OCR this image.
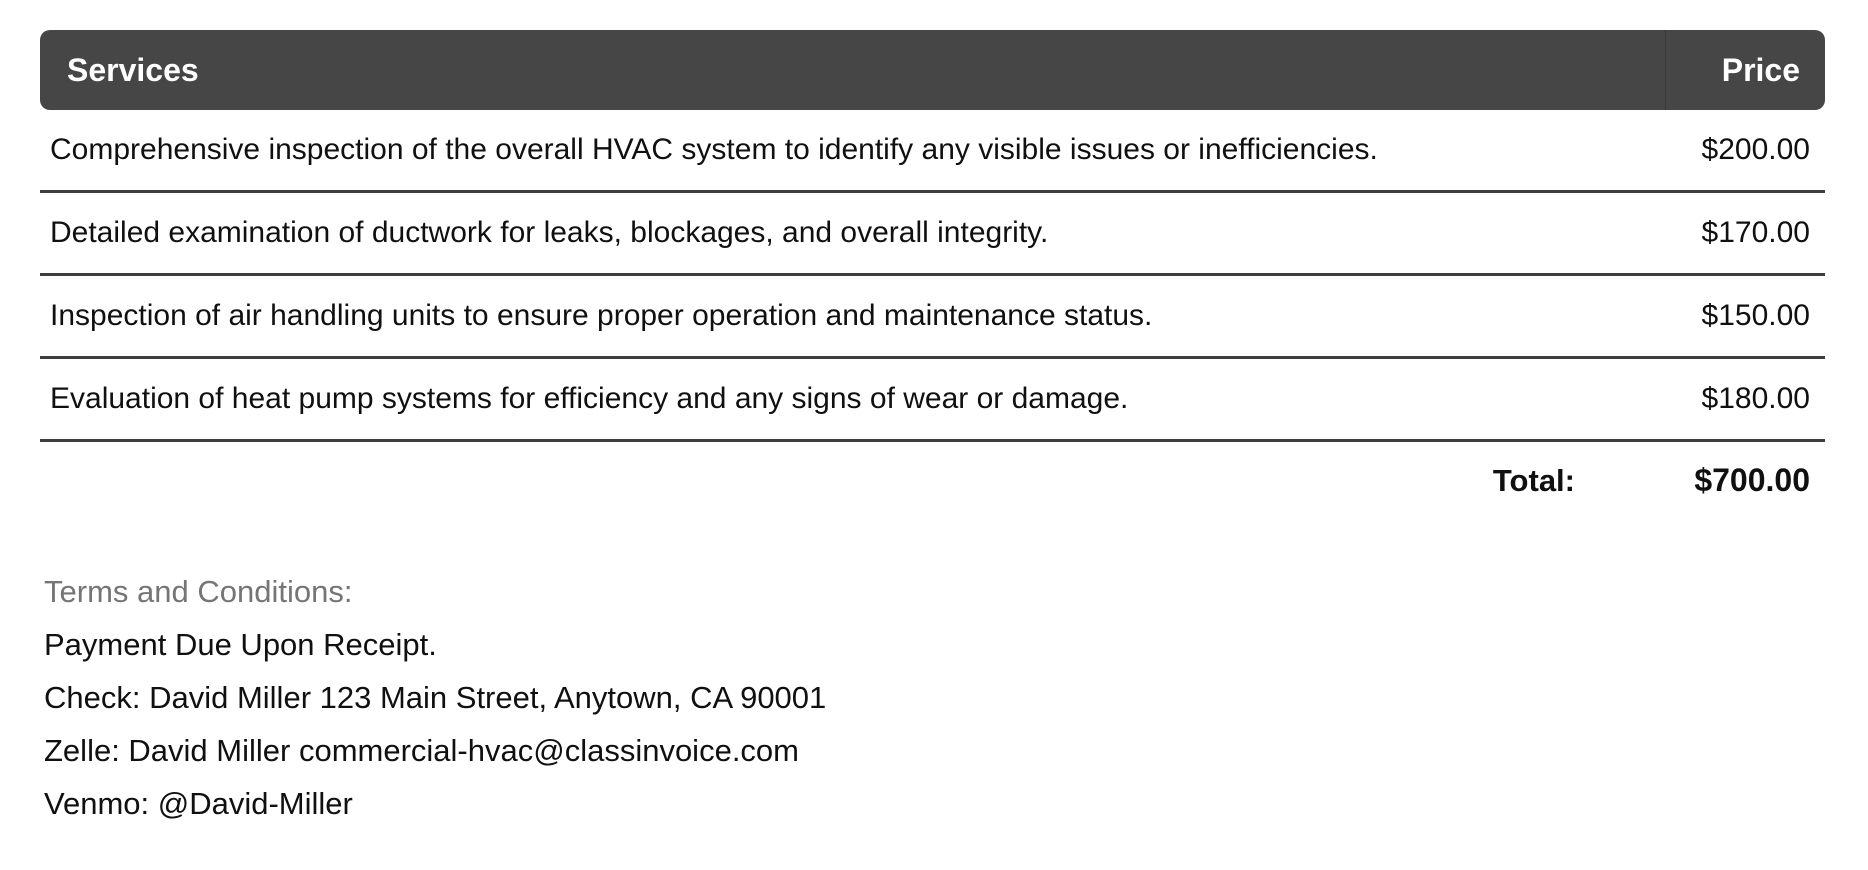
Services	Price
Comprehensive inspection of the overall HVAC system to identify any visible issues or inefficiencies.	$200.00
Detailed examination of ductwork for leaks, blockages, and overall integrity.	$170.00
Inspection of air handling units to ensure proper operation and maintenance status.	$150.00
Evaluation of heat pump systems for efficiency and any signs of wear or damage.	$180.00
Total:	$700.00
Terms and Conditions:
Payment Due Upon Receipt.
Check: David Miller 123 Main Street, Anytown, CA 90001
Zelle: David Miller commercial-hvac@classinvoice.com
Venmo: @David-Miller
